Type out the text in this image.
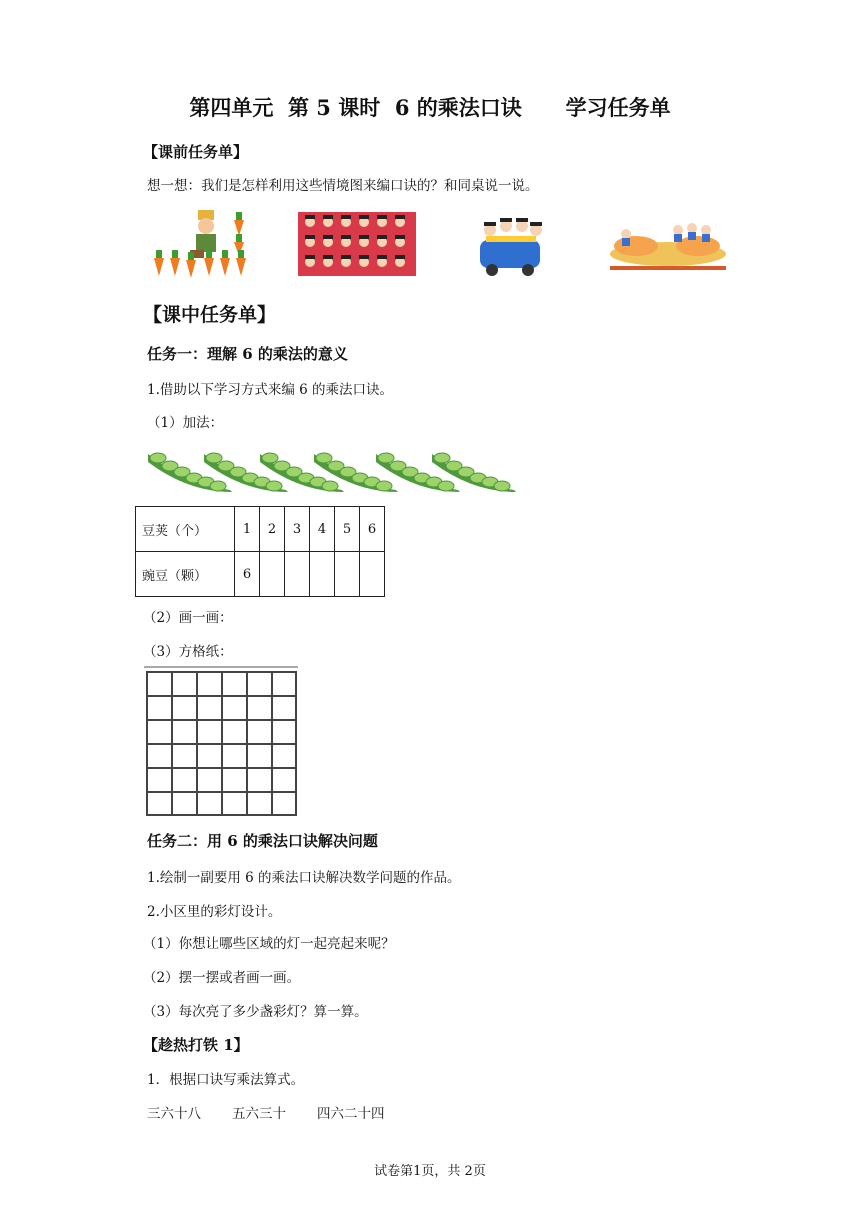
第四单元  第 5 课时  6 的乘法口诀      学习任务单
【课前任务单】
想一想：我们是怎样利用这些情境图来编口诀的？和同桌说一说。
【课中任务单】
任务一：理解 6 的乘法的意义
1.借助以下学习方式来编 6 的乘法口诀。
（1）加法：
豆荚（个）	1	2	3	4	5	6
豌豆（颗）	6					
（2）画一画：
（3）方格纸：
任务二：用 6 的乘法口诀解决问题
1.绘制一副要用 6 的乘法口诀解决数学问题的作品。
2.小区里的彩灯设计。
（1）你想让哪些区域的灯一起亮起来呢？
（2）摆一摆或者画一画。
（3）每次亮了多少盏彩灯？算一算。
【趁热打铁 1】
1．根据口诀写乘法算式。
三六十八 五六三十 四六二十四
试卷第1页，共 2页
